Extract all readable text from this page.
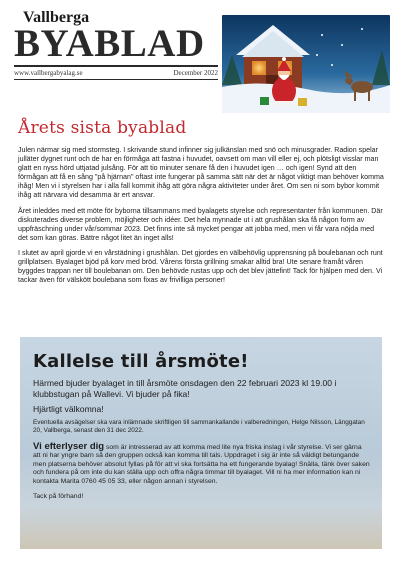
Vallberga
BYABLAD
www.vallbergabyalag.se	December 2022
Årets sista byablad

Julen närmar sig med stormsteg. I skrivande stund infinner sig julkänslan med snö och minusgrader. Radion spelar julläter dygnet runt och de har en förmåga att fastna i huvudet, oavsett om man vill eller ej, och plötsligt visslar man glatt en nyss hörd uttjatad julsång. För att tio minuter senare få den i huvudet igen … och igen! Synd att den förmågan att få en sång "på hjärnan" oftast inte fungerar på samma sätt när det är något viktigt man behöver komma ihåg! Men vi i styrelsen har i alla fall kommit ihåg att göra några aktiviteter under året. Om sen ni som bybor kommit ihåg att närvara vid desamma är ert ansvar.

Året inleddes med ett möte för byborna tillsammans med byalagets styrelse och representanter från kommunen. Där diskuterades diverse problem, möjligheter och idéer. Det hela mynnade ut i att grushålan ska få någon form av uppfräschning under vår/sommar 2023. Det finns inte så mycket pengar att jobba med, men vi får vara nöjda med det som kan göras. Bättre något litet än inget alls!

I slutet av april gjorde vi en vårstädning i grushålan. Det gjordes en välbehövlig upprensning på boulebanan och runt grillplatsen. Byalaget bjöd på korv med bröd. Vårens första grillning smakar alltid bra! Ute senare framåt våren byggdes trappan ner till boulebanan om. Den behövde rustas upp och det blev jättefint! Tack för hjälpen med den. Vi tackar även för välskött boulebana som fixas av frivilliga personer!

Kallelse till årsmöte!

Härmed bjuder byalaget in till årsmöte onsdagen den 22 februari 2023 kl 19.00 i klubbstugan på Wallevi. Vi bjuder på fika!

Hjärtligt välkomna!

Eventuella avsägelser ska vara inlämnade skriftligen till sammankallande i valberedningen, Helge Nilsson, Länggatan 20, Vallberga, senast den 31 dec 2022.

Vi efterlyser dig som är intresserad av att komma med lite nya friska inslag i vår styrelse. Vi ser gärna att ni har yngre barn så den gruppen också kan komma till tals. Uppdraget i sig är inte så väldigt betungande men platserna behöver absolut fyllas på för att vi ska fortsätta ha ett fungerande byalag! Snälla, tänk över saken och fundera på om inte du kan ställa upp och offra några timmar till byalaget. Vill ni ha mer information kan ni kontakta Marita 0760 45 05 33, eller någon annan i styrelsen.

Tack på förhand!
